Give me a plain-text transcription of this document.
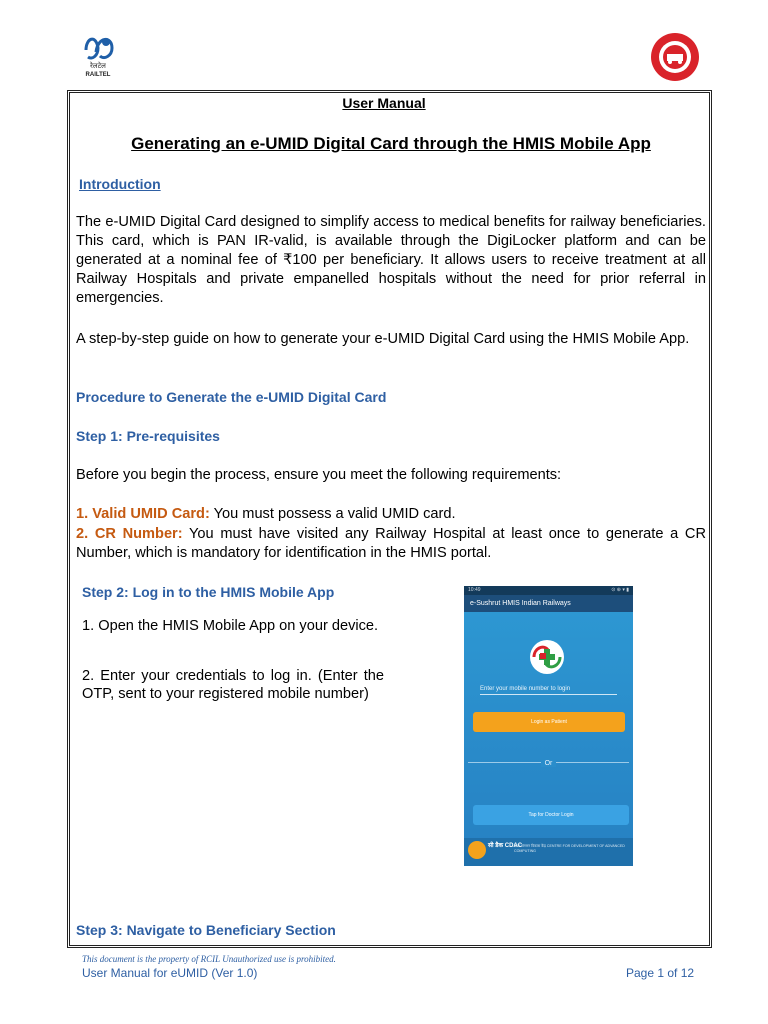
रेलटेल
RAILTEL
User Manual
Generating an e-UMID Digital Card through the HMIS Mobile App
Introduction
The e-UMID Digital Card designed to simplify access to medical benefits for railway beneficiaries. This card, which is PAN IR-valid, is available through the DigiLocker platform and can be generated at a nominal fee of ₹100 per beneficiary. It allows users to receive treatment at all Railway Hospitals and private empanelled hospitals without the need for prior referral in emergencies.
A step-by-step guide on how to generate your e-UMID Digital Card using the HMIS Mobile App.
Procedure to Generate the e-UMID Digital Card
Step 1: Pre-requisites
Before you begin the process, ensure you meet the following requirements:
1. Valid UMID Card: You must possess a valid UMID card.
2. CR Number: You must have visited any Railway Hospital at least once to generate a CR Number, which is mandatory for identification in the HMIS portal.
Step 2: Log in to the HMIS Mobile App
1. Open the HMIS Mobile App on your device.
2. Enter your credentials to log in. (Enter the OTP, sent to your registered mobile number)
10:49	⊙ ⊕ ▾ ▮
e-Sushrut HMIS Indian Railways
Enter your mobile number to login
Login as Patient
Or
Tap for Doctor Login
सी डैक CDAC
प्रगत संगणन विकास केंद्र CENTRE FOR DEVELOPMENT OF ADVANCED COMPUTING
Step 3: Navigate to Beneficiary Section
This document is the property of RCIL Unauthorized use is prohibited.
User Manual for eUMID (Ver 1.0)	Page 1 of 12
